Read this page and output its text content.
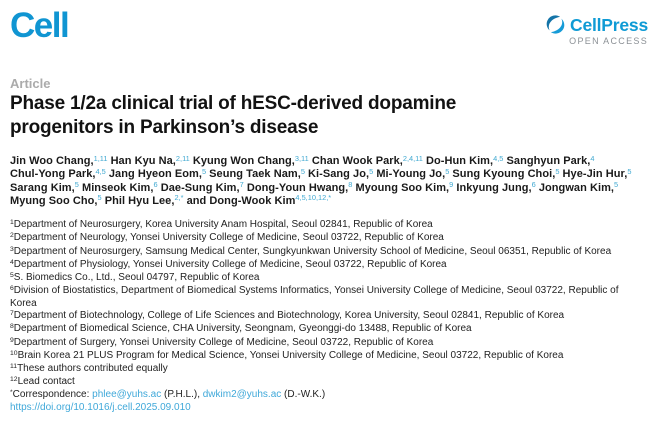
Cell	CellPress
OPEN ACCESS
Article
Phase 1/2a clinical trial of hESC-derived dopamine
progenitors in Parkinson’s disease
Jin Woo Chang,$^{1,11}$ Han Kyu Na,$^{2,11}$ Kyung Won Chang,$^{3,11}$ Chan Wook Park,$^{2,4,11}$ Do-Hun Kim,$^{4,5}$ Sanghyun Park,$^4$
Chul-Yong Park,$^{4,5}$ Jang Hyeon Eom,$^5$ Seung Taek Nam,$^5$ Ki-Sang Jo,$^5$ Mi-Young Jo,$^5$ Sung Kyoung Choi,$^5$ Hye-Jin Hur,$^5$
Sarang Kim,$^5$ Minseok Kim,$^6$ Dae-Sung Kim,$^7$ Dong-Youn Hwang,$^8$ Myoung Soo Kim,$^9$ Inkyung Jung,$^6$ Jongwan Kim,$^5$
Myung Soo Cho,$^5$ Phil Hyu Lee,$^{2,*}$ and Dong-Wook Kim$^{4,5,10,12,*}$
$^1$Department of Neurosurgery, Korea University Anam Hospital, Seoul 02841, Republic of Korea
$^2$Department of Neurology, Yonsei University College of Medicine, Seoul 03722, Republic of Korea
$^3$Department of Neurosurgery, Samsung Medical Center, Sungkyunkwan University School of Medicine, Seoul 06351, Republic of Korea
$^4$Department of Physiology, Yonsei University College of Medicine, Seoul 03722, Republic of Korea
$^5$S. Biomedics Co., Ltd., Seoul 04797, Republic of Korea
$^6$Division of Biostatistics, Department of Biomedical Systems Informatics, Yonsei University College of Medicine, Seoul 03722, Republic of Korea
$^7$Department of Biotechnology, College of Life Sciences and Biotechnology, Korea University, Seoul 02841, Republic of Korea
$^8$Department of Biomedical Science, CHA University, Seongnam, Gyeonggi-do 13488, Republic of Korea
$^9$Department of Surgery, Yonsei University College of Medicine, Seoul 03722, Republic of Korea
$^{10}$Brain Korea 21 PLUS Program for Medical Science, Yonsei University College of Medicine, Seoul 03722, Republic of Korea
$^{11}$These authors contributed equally
$^{12}$Lead contact
*Correspondence: phlee@yuhs.ac (P.H.L.), dwkim2@yuhs.ac (D.-W.K.)
https://doi.org/10.1016/j.cell.2025.09.010
